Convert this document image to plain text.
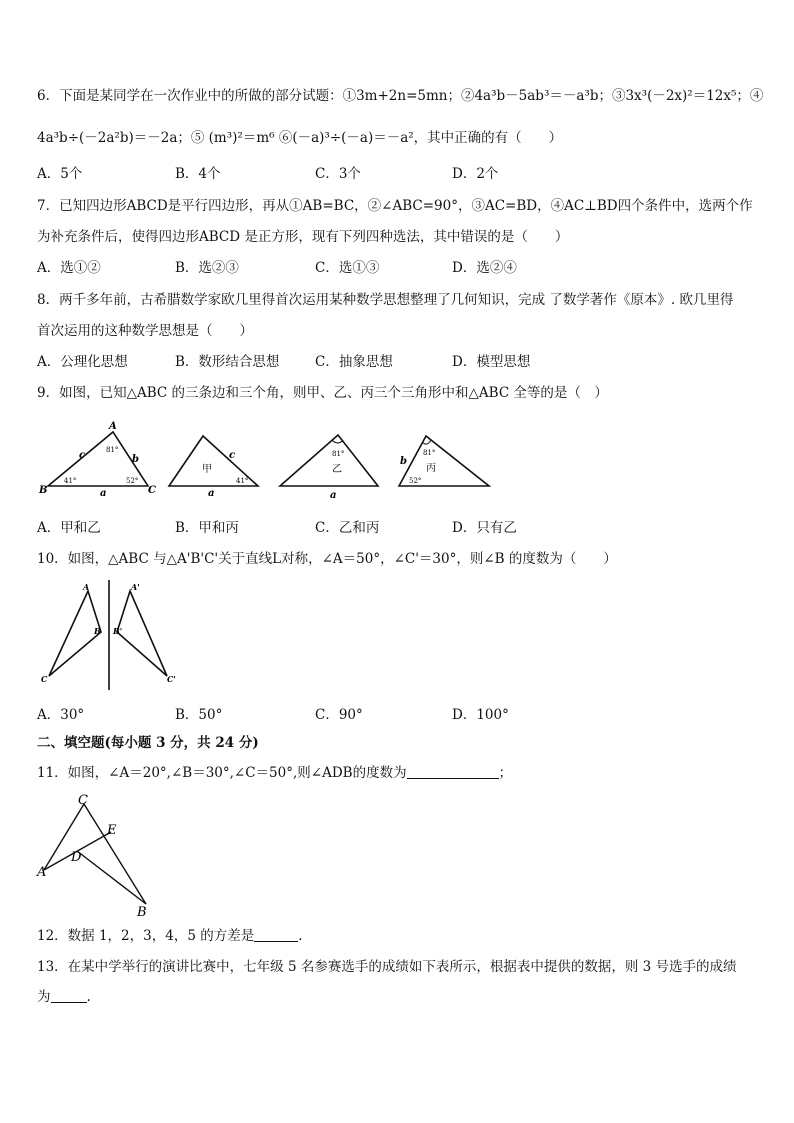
6．下面是某同学在一次作业中的所做的部分试题：①3m+2n=5mn；②4a³b－5ab³＝－a³b；③3x³(－2x)²＝12x⁵；④
4a³b÷(－2a²b)＝－2a；⑤ (m³)²＝m⁶ ⑥(－a)³÷(－a)＝－a²，其中正确的有（　　）
A．5个	B．4个	C．3个	D．2个
7．已知四边形ABCD是平行四边形，再从①AB=BC，②∠ABC=90°，③AC=BD，④AC⊥BD四个条件中，选两个作
为补充条件后，使得四边形ABCD 是正方形，现有下列四种选法，其中错误的是（　　）
A．选①②	B．选②③	C．选①③	D．选②④
8．两千多年前，古希腊数学家欧几里得首次运用某种数学思想整理了几何知识，完成 了数学著作《原本》. 欧几里得
首次运用的这种数学思想是（　　）
A．公理化思想	B．数形结合思想	C．抽象思想	D．模型思想
9．如图，已知△ABC 的三条边和三个角，则甲、乙、丙三个三角形中和△ABC 全等的是（　）
A
B	C
c	b
a
81°
41°	52°
甲
c
a
41°
81°
乙
a
81°
丙
b
52°
A．甲和乙	B．甲和丙	C．乙和丙	D．只有乙
10．如图，△ABC 与△A'B'C'关于直线L对称，∠A＝50°，∠C'＝30°，则∠B 的度数为（　　）
A
B
C
A'
B'
C'
A．30°	B．50°	C．90°	D．100°
二、填空题(每小题 3 分，共 24 分)
11．如图，∠A＝20°,∠B＝30°,∠C＝50°,则∠ADB的度数为	；
C
E
D
A
B
12．数据 1，2，3，4，5 的方差是	.
13．在某中学举行的演讲比赛中，七年级 5 名参赛选手的成绩如下表所示，根据表中提供的数据，则 3 号选手的成绩
为	.
